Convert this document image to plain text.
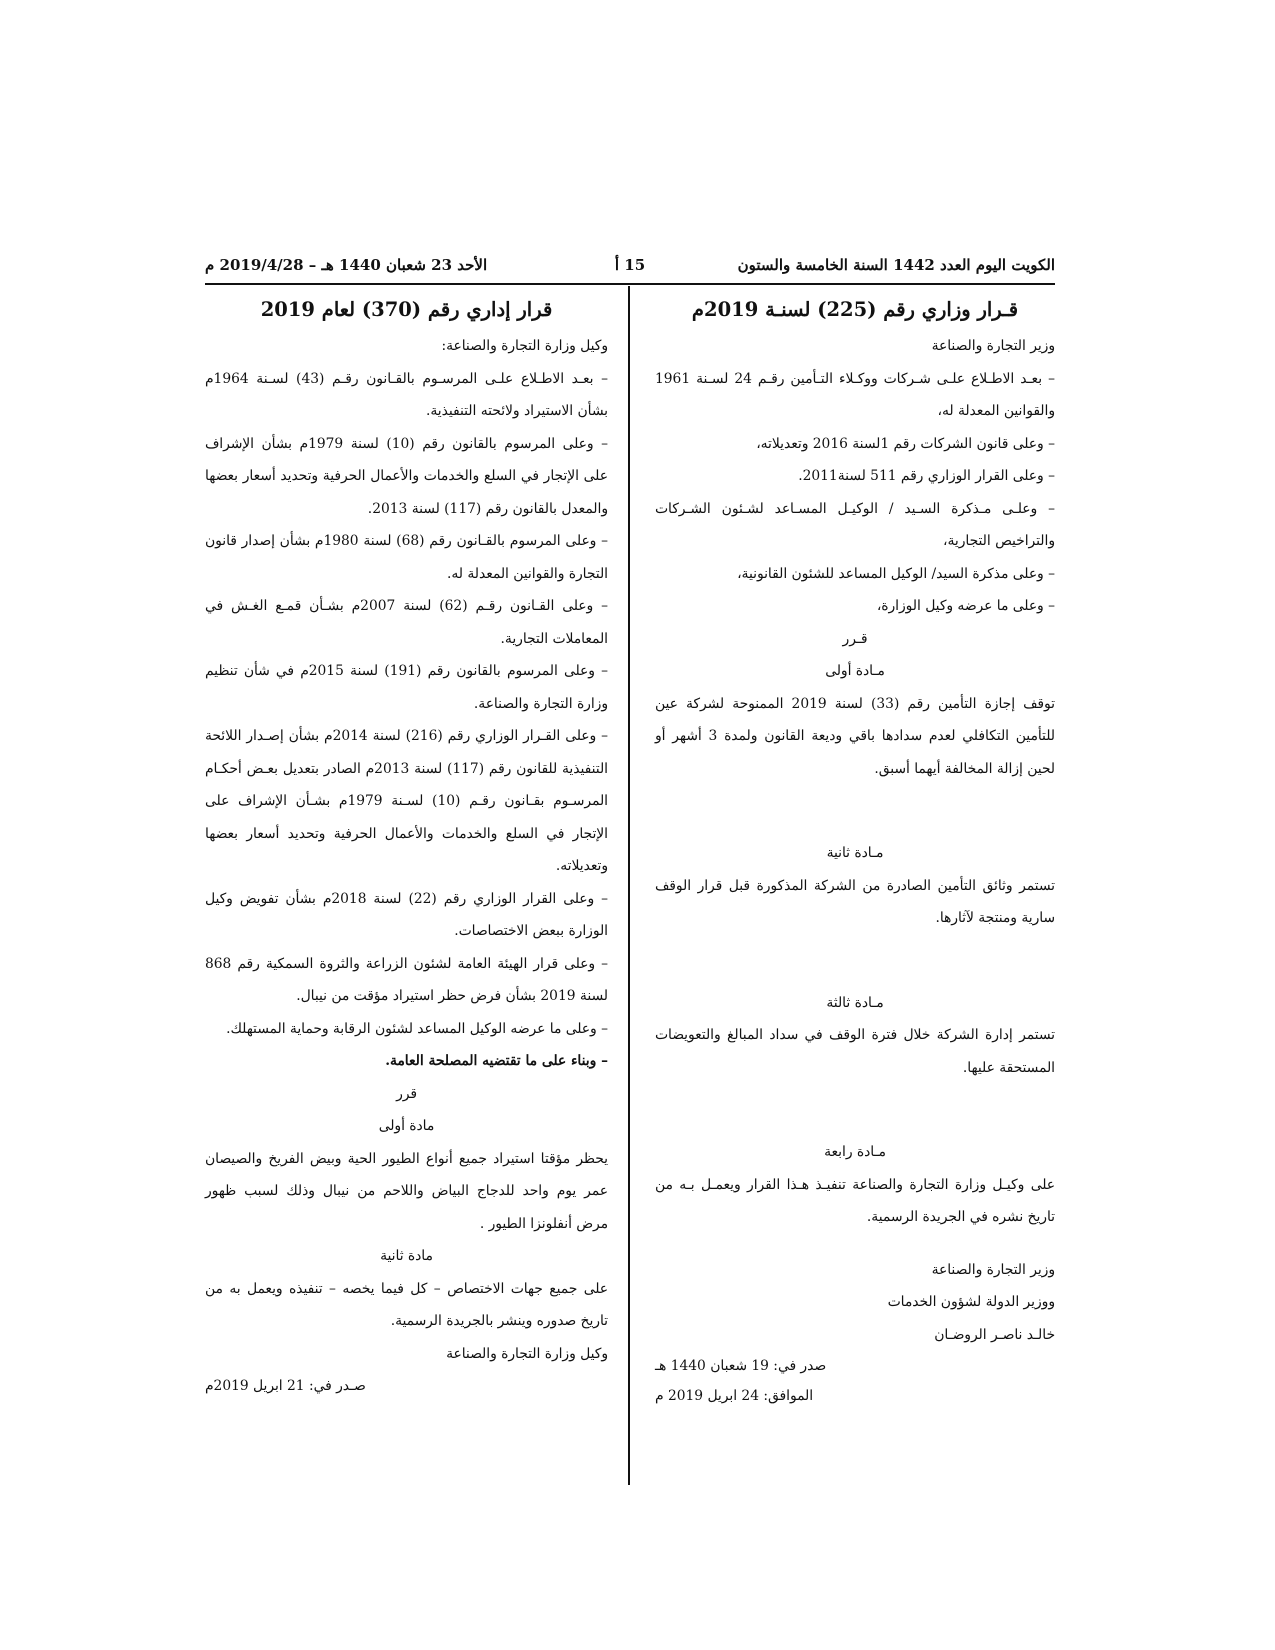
الكويت اليوم العدد 1442 السنة الخامسة والستون
15 أ
الأحد 23 شعبان 1440 هـ – 2019/4/28 م
قـرار وزاري رقم (225) لسنـة 2019م

وزير التجارة والصناعة

– بعـد الاطـلاع علـى شـركات ووكـلاء التـأمين رقـم 24 لسـنة 1961 والقوانين المعدلة له،

– وعلى قانون الشركات رقم 1لسنة 2016 وتعديلاته،

– وعلى القرار الوزاري رقم 511 لسنة2011.

– وعلـى مـذكرة السـيد / الوكيـل المسـاعد لشـئون الشـركات والتراخيص التجارية،

– وعلى مذكرة السيد/ الوكيل المساعد للشئون القانونية،

– وعلى ما عرضه وكيل الوزارة،

قـرر

مـادة أولى

توقف إجازة التأمين رقم (33) لسنة 2019 الممنوحة لشركة عين للتأمين التكافلي لعدم سدادها باقي وديعة القانون ولمدة 3 أشهر أو لحين إزالة المخالفة أيهما أسبق.

مـادة ثانية

تستمر وثائق التأمين الصادرة من الشركة المذكورة قبل قرار الوقف سارية ومنتجة لآثارها.

مـادة ثالثة

تستمر إدارة الشركة خلال فترة الوقف في سداد المبالغ والتعويضات المستحقة عليها.

مـادة رابعة

على وكيـل وزارة التجارة والصناعة تنفيـذ هـذا القرار ويعمـل بـه من تاريخ نشره في الجريدة الرسمية.

وزير التجارة والصناعة

ووزير الدولة لشؤون الخدمات

خالـد ناصـر الروضـان

صدر في: 19 شعبان 1440 هـ

الموافق: 24 ابريل 2019 م

قرار إداري رقم (370) لعام 2019

وكيل وزارة التجارة والصناعة:

– بعـد الاطـلاع علـى المرسـوم بالقـانون رقـم (43) لسـنة 1964م بشأن الاستيراد ولائحته التنفيذية.

– وعلى المرسوم بالقانون رقم (10) لسنة 1979م بشأن الإشراف على الإتجار في السلع والخدمات والأعمال الحرفية وتحديد أسعار بعضها والمعدل بالقانون رقم (117) لسنة 2013.

– وعلى المرسوم بالقـانون رقم (68) لسنة 1980م بشأن إصدار قانون التجارة والقوانين المعدلة له.

– وعلى القـانون رقـم (62) لسنة 2007م بشـأن قمـع الغـش في المعاملات التجارية.

– وعلى المرسوم بالقانون رقم (191) لسنة 2015م في شأن تنظيم وزارة التجارة والصناعة.

– وعلى القـرار الوزاري رقم (216) لسنة 2014م بشأن إصـدار اللائحة التنفيذية للقانون رقم (117) لسنة 2013م الصادر بتعديل بعـض أحكـام المرسـوم بقـانون رقـم (10) لسـنة 1979م بشـأن الإشراف على الإتجار في السلع والخدمات والأعمال الحرفية وتحديد أسعار بعضها وتعديلاته.

– وعلى القرار الوزاري رقم (22) لسنة 2018م بشأن تفويض وكيل الوزارة ببعض الاختصاصات.

– وعلى قرار الهيئة العامة لشئون الزراعة والثروة السمكية رقم 868 لسنة 2019 بشأن فرض حظر استيراد مؤقت من نيبال.

– وعلى ما عرضه الوكيل المساعد لشئون الرقابة وحماية المستهلك.

– وبناء على ما تقتضيه المصلحة العامة.

قرر

مادة أولى

يحظر مؤقتا استيراد جميع أنواع الطيور الحية وبيض الفريخ والصيصان عمر يوم واحد للدجاج البياض واللاحم من نيبال وذلك لسبب ظهور مرض أنفلونزا الطيور .

مادة ثانية

على جميع جهات الاختصاص – كل فيما يخصه – تنفيذه ويعمل به من تاريخ صدوره وينشر بالجريدة الرسمية.

وكيل وزارة التجارة والصناعة

صـدر في: 21 ابريل 2019م
